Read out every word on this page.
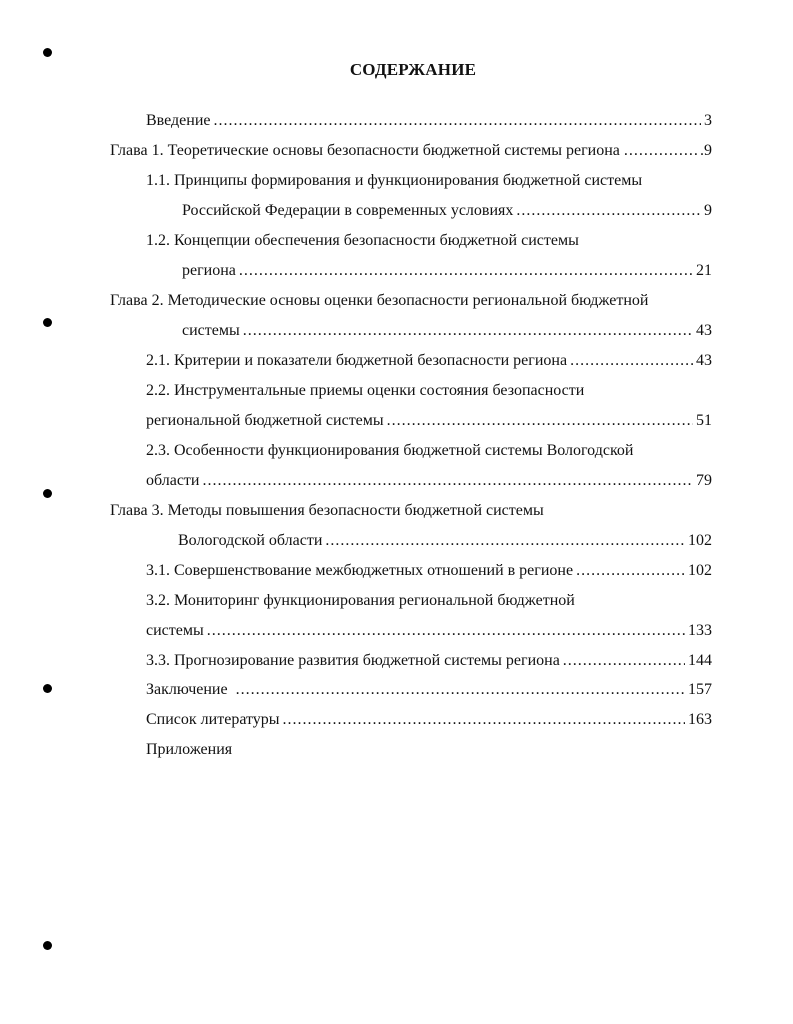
СОДЕРЖАНИЕ
Введение .....	3
Глава 1. Теоретические основы безопасности бюджетной системы региона .....	.9
1.1. Принципы формирования и функционирования бюджетной системы
Российской Федерации в современных условиях .....	9
1.2. Концепции обеспечения безопасности бюджетной системы
региона .....	21
Глава 2. Методические основы оценки безопасности региональной бюджетной
системы .....	43
2.1. Критерии и показатели бюджетной безопасности региона .....	43
2.2. Инструментальные приемы оценки состояния безопасности
региональной бюджетной системы .....	51
2.3. Особенности функционирования бюджетной системы Вологодской
области .....	79
Глава 3. Методы повышения безопасности бюджетной системы
Вологодской области .....	102
3.1. Совершенствование межбюджетных отношений в регионе .....	102
3.2. Мониторинг функционирования региональной бюджетной
системы .....	133
3.3. Прогнозирование развития бюджетной системы региона .....	144
Заключение .....	157
Список литературы .....	163
Приложения
